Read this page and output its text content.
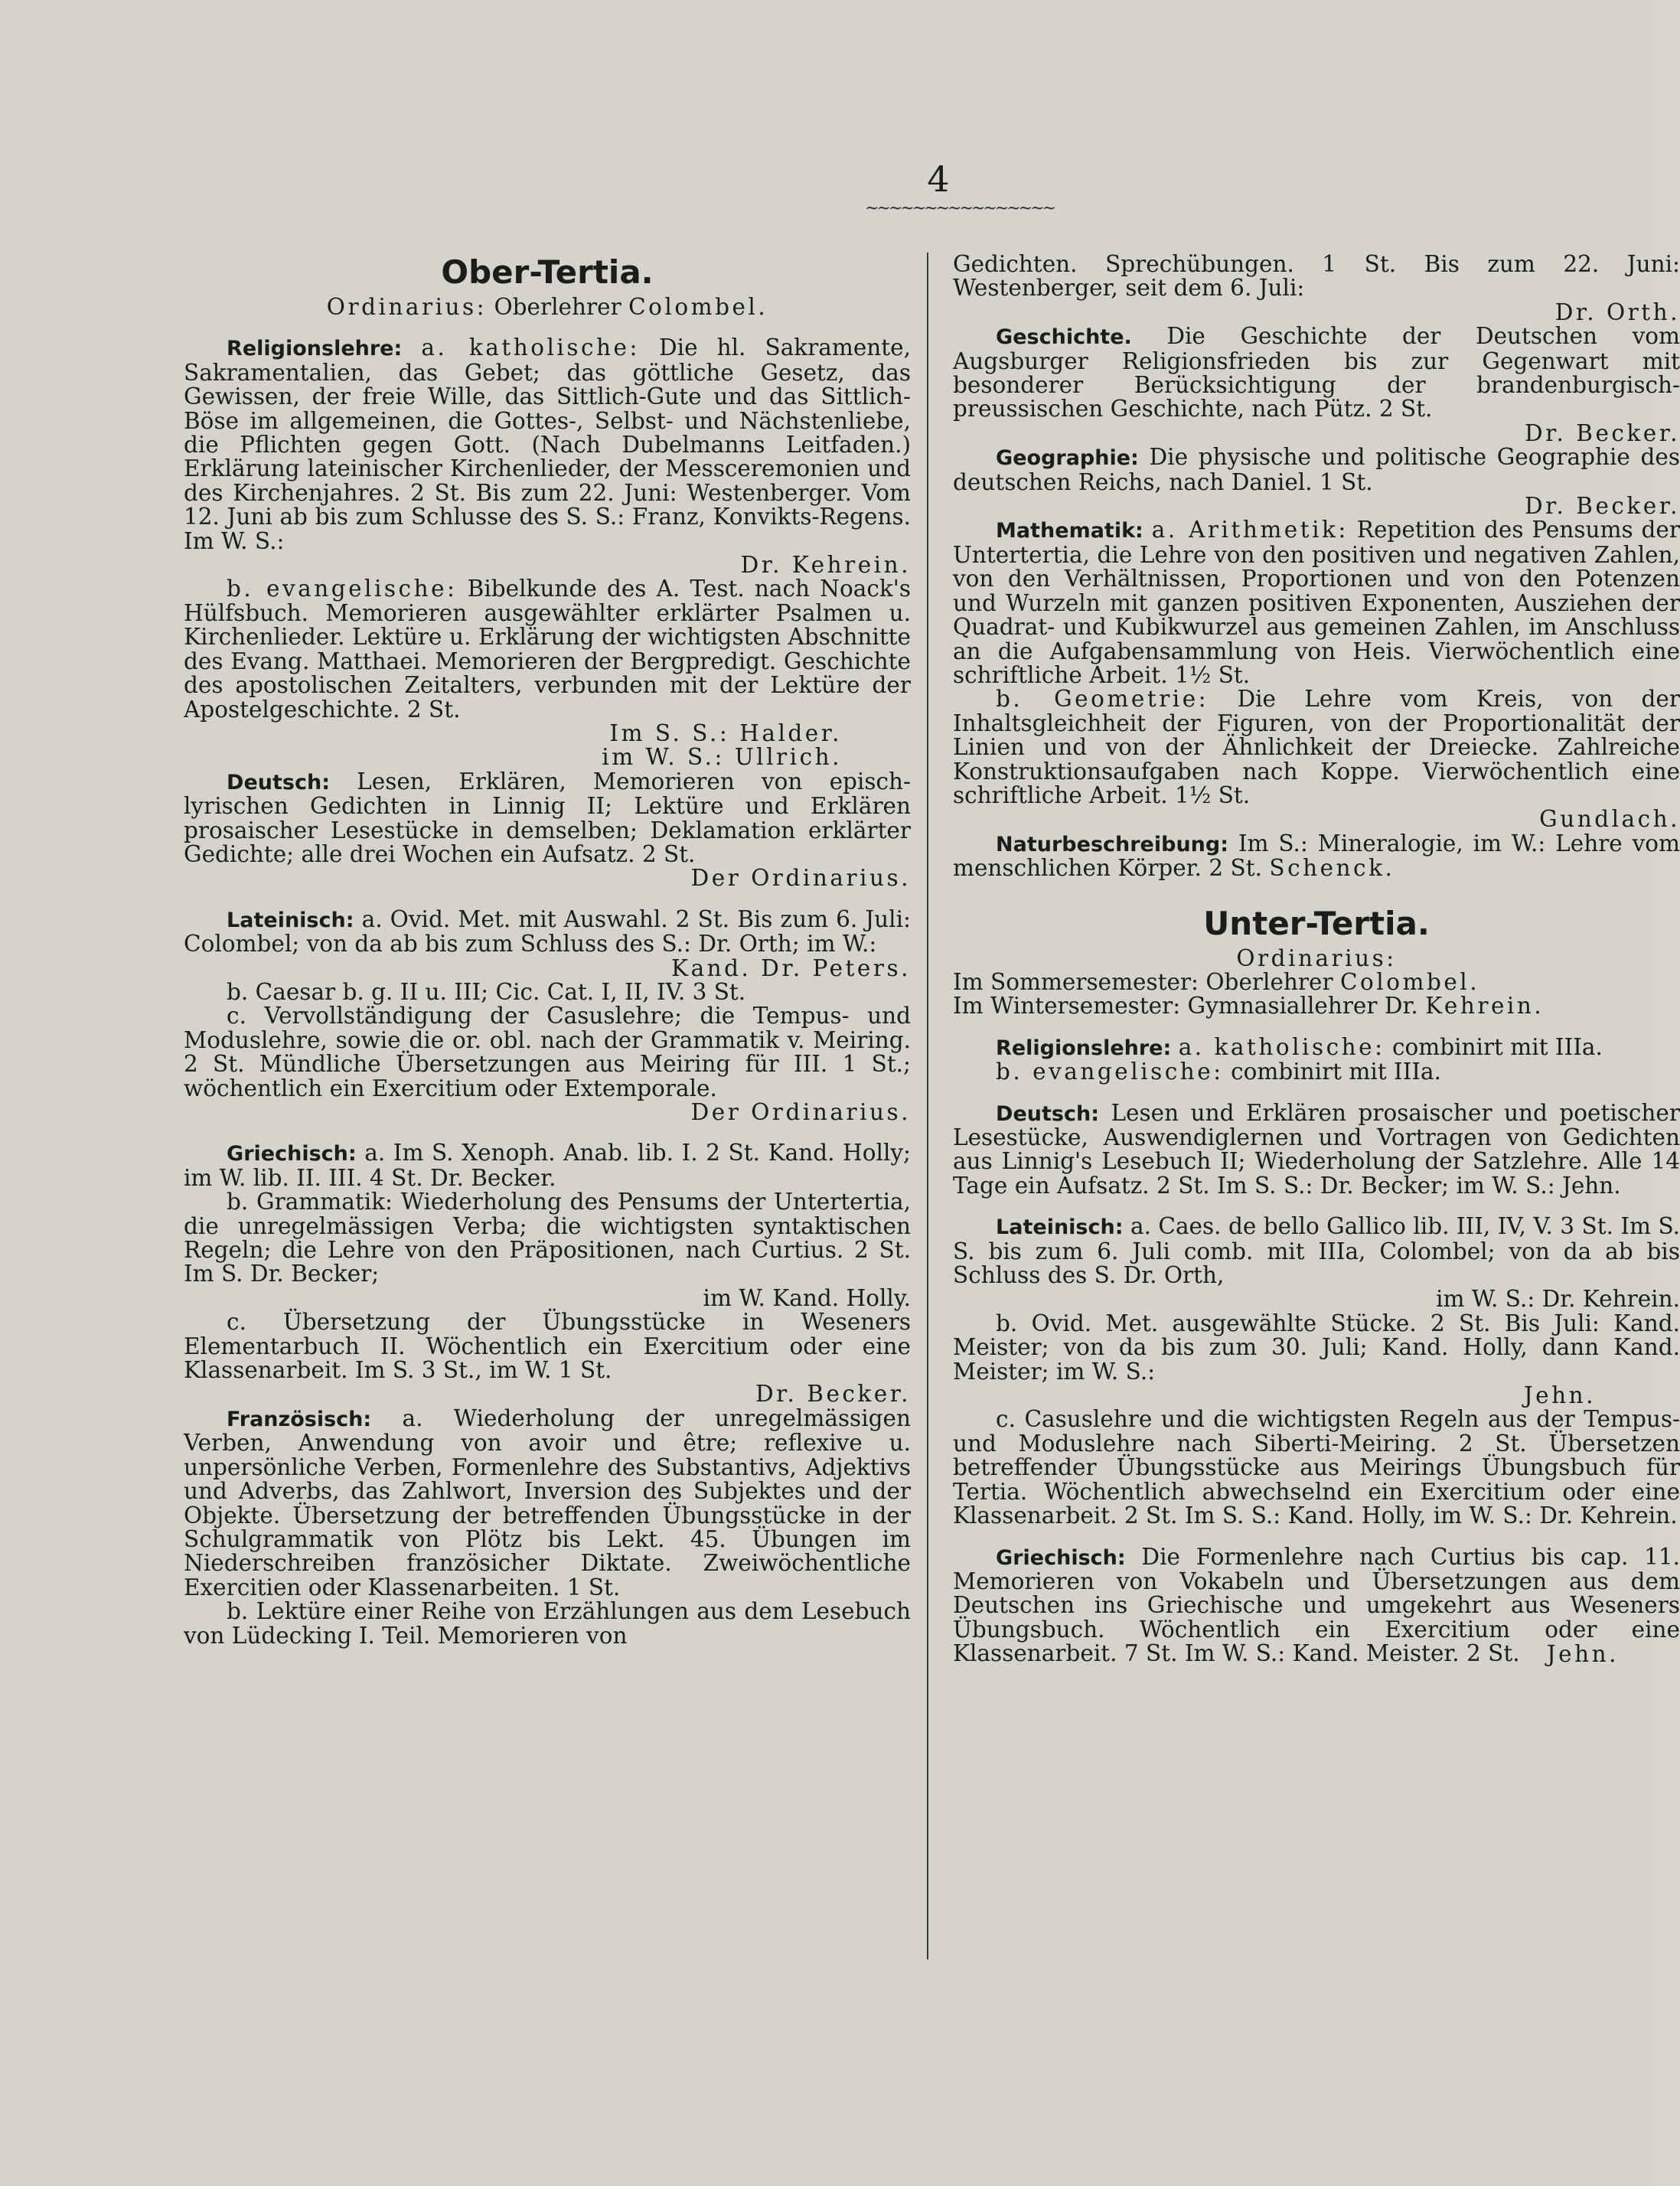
4
~~~~~~~~~~~~~~~~
Ober-Tertia.
Ordinarius: Oberlehrer Colombel.

Religionslehre: a. katholische: Die hl. Sakramente, Sakramentalien, das Gebet; das göttliche Gesetz, das Gewissen, der freie Wille, das Sittlich-Gute und das Sittlich-Böse im allgemeinen, die Gottes-, Selbst- und Nächstenliebe, die Pflichten gegen Gott. (Nach Dubelmanns Leitfaden.) Erklärung lateinischer Kirchenlieder, der Messceremonien und des Kirchenjahres. 2 St. Bis zum 22. Juni: Westenberger. Vom 12. Juni ab bis zum Schlusse des S. S.: Franz, Konvikts-Regens. Im W. S.:
Dr. Kehrein.

b. evangelische: Bibelkunde des A. Test. nach Noack's Hülfsbuch. Memorieren ausgewählter erklärter Psalmen u. Kirchenlieder. Lektüre u. Erklärung der wichtigsten Abschnitte des Evang. Matthaei. Memorieren der Bergpredigt. Geschichte des apostolischen Zeitalters, verbunden mit der Lektüre der Apostelgeschichte. 2 St.
Im S. S.: Halder.
im W. S.: Ullrich.

Deutsch: Lesen, Erklären, Memorieren von episch-lyrischen Gedichten in Linnig II; Lektüre und Erklären prosaischer Lesestücke in demselben; Deklamation erklärter Gedichte; alle drei Wochen ein Aufsatz. 2 St.
Der Ordinarius.

Lateinisch: a. Ovid. Met. mit Auswahl. 2 St. Bis zum 6. Juli: Colombel; von da ab bis zum Schluss des S.: Dr. Orth; im W.:
Kand. Dr. Peters.

b. Caesar b. g. II u. III; Cic. Cat. I, II, IV. 3 St.

c. Vervollständigung der Casuslehre; die Tempus- und Moduslehre, sowie die or. obl. nach der Grammatik v. Meiring. 2 St. Mündliche Übersetzungen aus Meiring für III. 1 St.; wöchentlich ein Exercitium oder Extemporale.
Der Ordinarius.

Griechisch: a. Im S. Xenoph. Anab. lib. I. 2 St. Kand. Holly; im W. lib. II. III. 4 St. Dr. Becker.

b. Grammatik: Wiederholung des Pensums der Untertertia, die unregelmässigen Verba; die wichtigsten syntaktischen Regeln; die Lehre von den Präpositionen, nach Curtius. 2 St. Im S. Dr. Becker;
im W. Kand. Holly.

c. Übersetzung der Übungsstücke in Weseners Elementarbuch II. Wöchentlich ein Exercitium oder eine Klassenarbeit. Im S. 3 St., im W. 1 St.
Dr. Becker.

Französisch: a. Wiederholung der unregelmässigen Verben, Anwendung von avoir und être; reflexive u. unpersönliche Verben, Formenlehre des Substantivs, Adjektivs und Adverbs, das Zahlwort, Inversion des Subjektes und der Objekte. Übersetzung der betreffenden Übungsstücke in der Schulgrammatik von Plötz bis Lekt. 45. Übungen im Niederschreiben französicher Diktate. Zweiwöchentliche Exercitien oder Klassenarbeiten. 1 St.

b. Lektüre einer Reihe von Erzählungen aus dem Lesebuch von Lüdecking I. Teil. Memorieren von

Gedichten. Sprechübungen. 1 St. Bis zum 22. Juni: Westenberger, seit dem 6. Juli:
Dr. Orth.

Geschichte. Die Geschichte der Deutschen vom Augsburger Religionsfrieden bis zur Gegenwart mit besonderer Berücksichtigung der brandenburgisch-preussischen Geschichte, nach Pütz. 2 St.
Dr. Becker.

Geographie: Die physische und politische Geographie des deutschen Reichs, nach Daniel. 1 St.
Dr. Becker.

Mathematik: a. Arithmetik: Repetition des Pensums der Untertertia, die Lehre von den positiven und negativen Zahlen, von den Verhältnissen, Proportionen und von den Potenzen und Wurzeln mit ganzen positiven Exponenten, Ausziehen der Quadrat- und Kubikwurzel aus gemeinen Zahlen, im Anschluss an die Aufgabensammlung von Heis. Vierwöchentlich eine schriftliche Arbeit. 1½ St.

b. Geometrie: Die Lehre vom Kreis, von der Inhaltsgleichheit der Figuren, von der Proportionalität der Linien und von der Ähnlichkeit der Dreiecke. Zahlreiche Konstruktionsaufgaben nach Koppe. Vierwöchentlich eine schriftliche Arbeit. 1½ St.
Gundlach.

Naturbeschreibung: Im S.: Mineralogie, im W.: Lehre vom menschlichen Körper. 2 St. Schenck.

Unter-Tertia.
Ordinarius:
Im Sommersemester: Oberlehrer Colombel.
Im Wintersemester: Gymnasiallehrer Dr. Kehrein.

Religionslehre: a. katholische: combinirt mit IIIa.

b. evangelische: combinirt mit IIIa.

Deutsch: Lesen und Erklären prosaischer und poetischer Lesestücke, Auswendiglernen und Vortragen von Gedichten aus Linnig's Lesebuch II; Wiederholung der Satzlehre. Alle 14 Tage ein Aufsatz. 2 St. Im S. S.: Dr. Becker; im W. S.: Jehn.

Lateinisch: a. Caes. de bello Gallico lib. III, IV, V. 3 St. Im S. S. bis zum 6. Juli comb. mit IIIa, Colombel; von da ab bis Schluss des S. Dr. Orth,
im W. S.: Dr. Kehrein.

b. Ovid. Met. ausgewählte Stücke. 2 St. Bis Juli: Kand. Meister; von da bis zum 30. Juli; Kand. Holly, dann Kand. Meister; im W. S.:
Jehn.

c. Casuslehre und die wichtigsten Regeln aus der Tempus- und Moduslehre nach Siberti-Meiring. 2 St. Übersetzen betreffender Übungsstücke aus Meirings Übungsbuch für Tertia. Wöchentlich abwechselnd ein Exercitium oder eine Klassenarbeit. 2 St. Im S. S.: Kand. Holly, im W. S.: Dr. Kehrein.

Griechisch: Die Formenlehre nach Curtius bis cap. 11. Memorieren von Vokabeln und Übersetzungen aus dem Deutschen ins Griechische und umgekehrt aus Weseners Übungsbuch. Wöchentlich ein Exercitium oder eine Klassenarbeit. 7 St. Im W. S.: Kand. Meister. 2 St.	Jehn.
